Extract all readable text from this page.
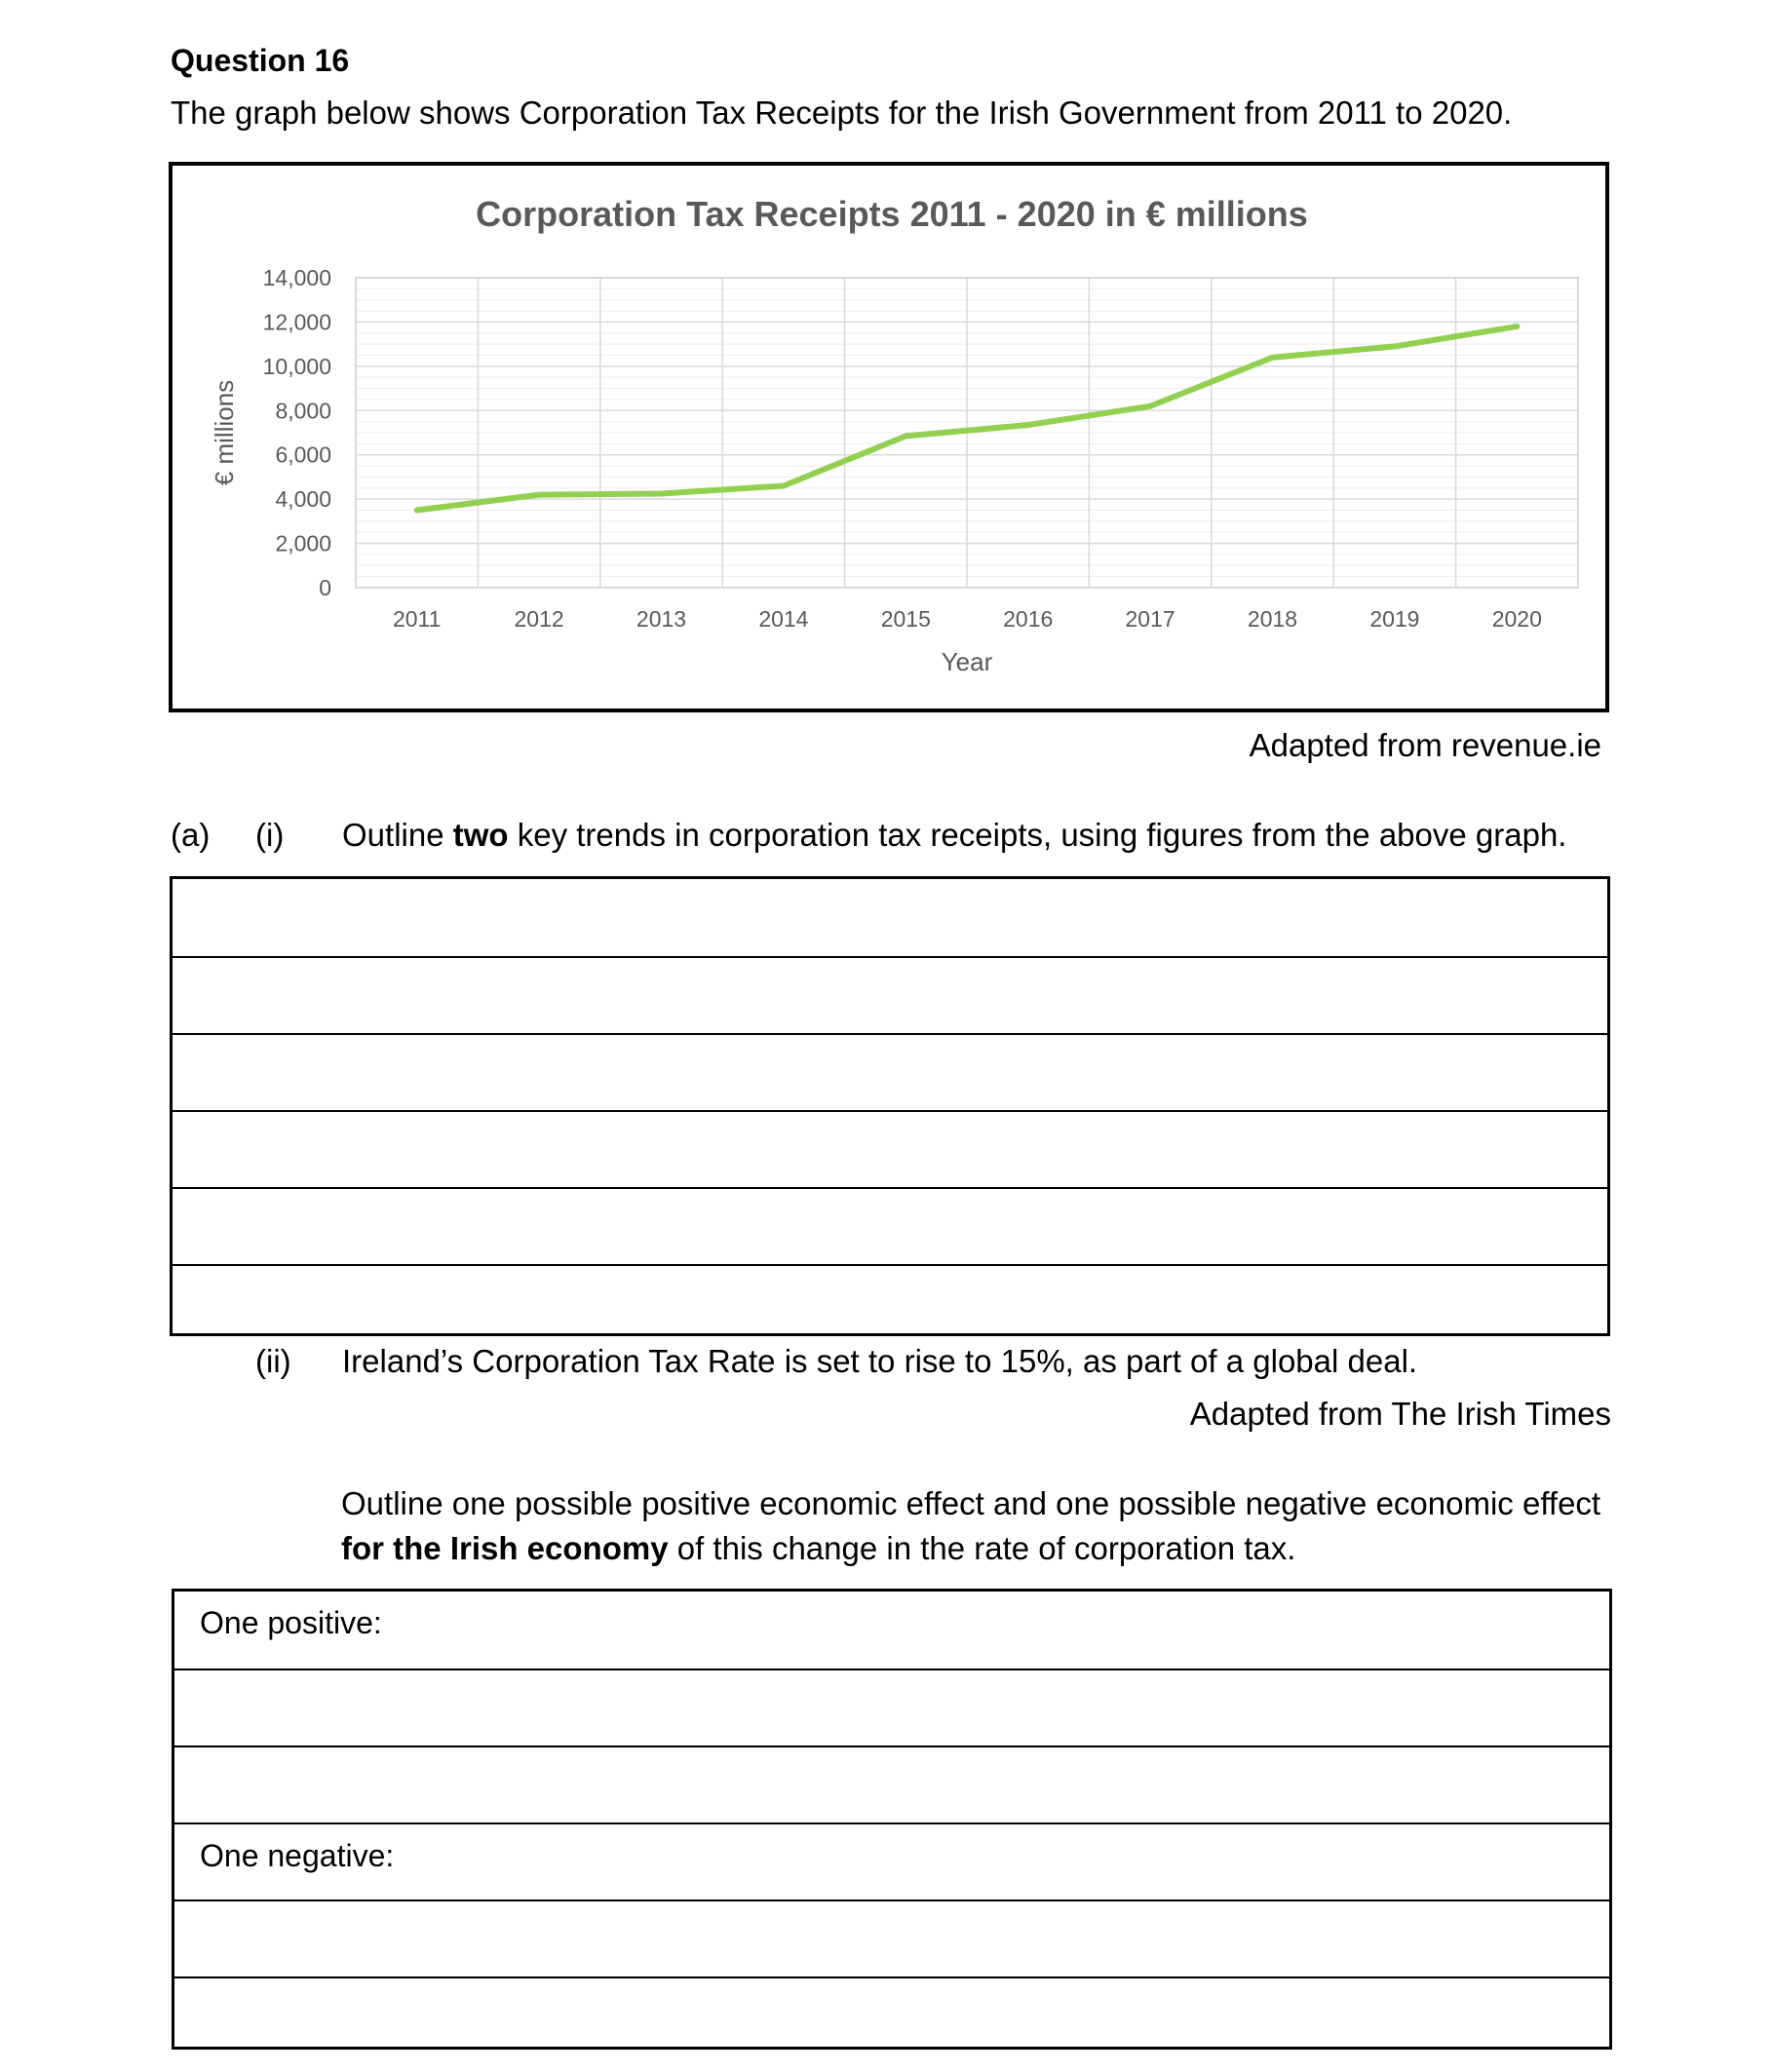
Question 16
The graph below shows Corporation Tax Receipts for the Irish Government from 2011 to 2020.
0
2,000
4,000
6,000
8,000
10,000
12,000
14,000
2011	2012	2013	2014	2015	2016	2017	2018	2019	2020
Corporation Tax Receipts 2011 - 2020 in € millions
Year
€ millions
Adapted from revenue.ie
(a) (i) Outline two key trends in corporation tax receipts, using figures from the above graph.
(ii) Ireland’s Corporation Tax Rate is set to rise to 15%, as part of a global deal.
Adapted from The Irish Times
Outline one possible positive economic effect and one possible negative economic effect for the Irish economy of this change in the rate of corporation tax.
One positive:
One negative:
